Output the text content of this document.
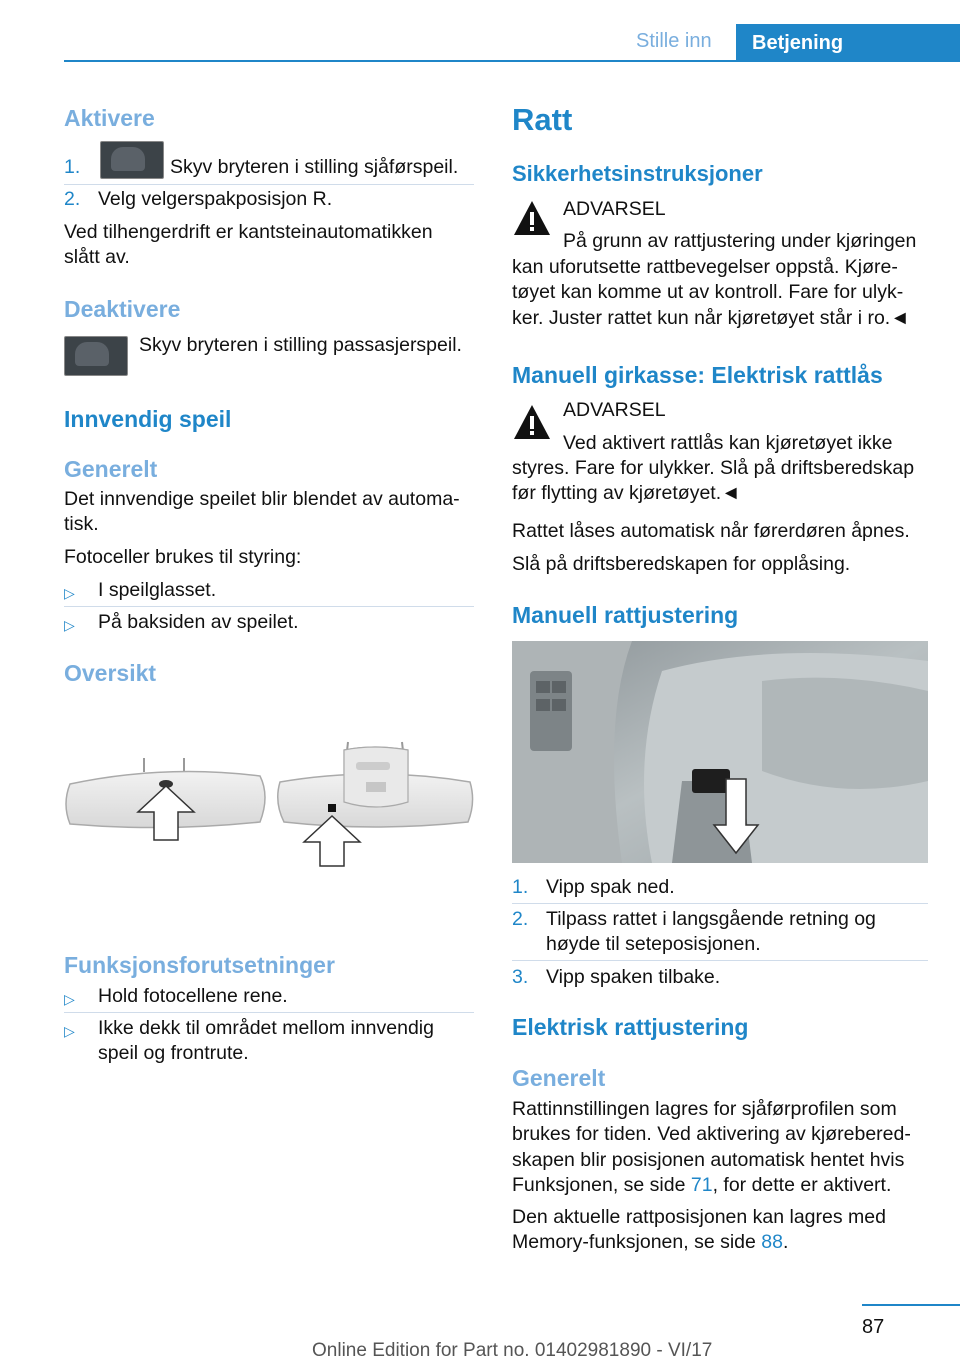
Stille inn	Betjening
Aktivere
1.	Skyv bryteren i stilling sjåførspeil.
2. Velg velgerspakposisjon R.

Ved tilhengerdrift er kantsteinautomatikken

slått av.

Deaktivere

Skyv bryteren i stilling passasjerspeil.

Innvendig speil
Generelt

Det innvendige speilet blir blendet av automa-

tisk.

Fotoceller brukes til styring:

▷ I speilglasset.
▷ På baksiden av speilet.
Oversikt
Funksjonsforutsetninger
▷ Hold fotocellene rene.
▷ Ikke dekk til området mellom innvendig
speil og frontrute.
Ratt
Sikkerhetsinstruksjoner

ADVARSEL

På grunn av rattjustering under kjøringen

kan uforutsette rattbevegelser oppstå. Kjøre-

tøyet kan komme ut av kontroll. Fare for ulyk-

ker. Juster rattet kun når kjøretøyet står i ro.◄

Manuell girkasse: Elektrisk rattlås

ADVARSEL

Ved aktivert rattlås kan kjøretøyet ikke

styres. Fare for ulykker. Slå på driftsberedskap

før flytting av kjøretøyet.◄

Rattet låses automatisk når førerdøren åpnes.

Slå på driftsberedskapen for opplåsing.

Manuell rattjustering
1. Vipp spak ned.
2. Tilpass rattet i langsgående retning og
høyde til seteposisjonen.
3. Vipp spaken tilbake.
Elektrisk rattjustering
Generelt

Rattinnstillingen lagres for sjåførprofilen som

brukes for tiden. Ved aktivering av kjørebered-

skapen blir posisjonen automatisk hentet hvis

Funksjonen, se side 71, for dette er aktivert.

Den aktuelle rattposisjonen kan lagres med

Memory-funksjonen, se side 88.

87
Online Edition for Part no. 01402981890 - VI/17
